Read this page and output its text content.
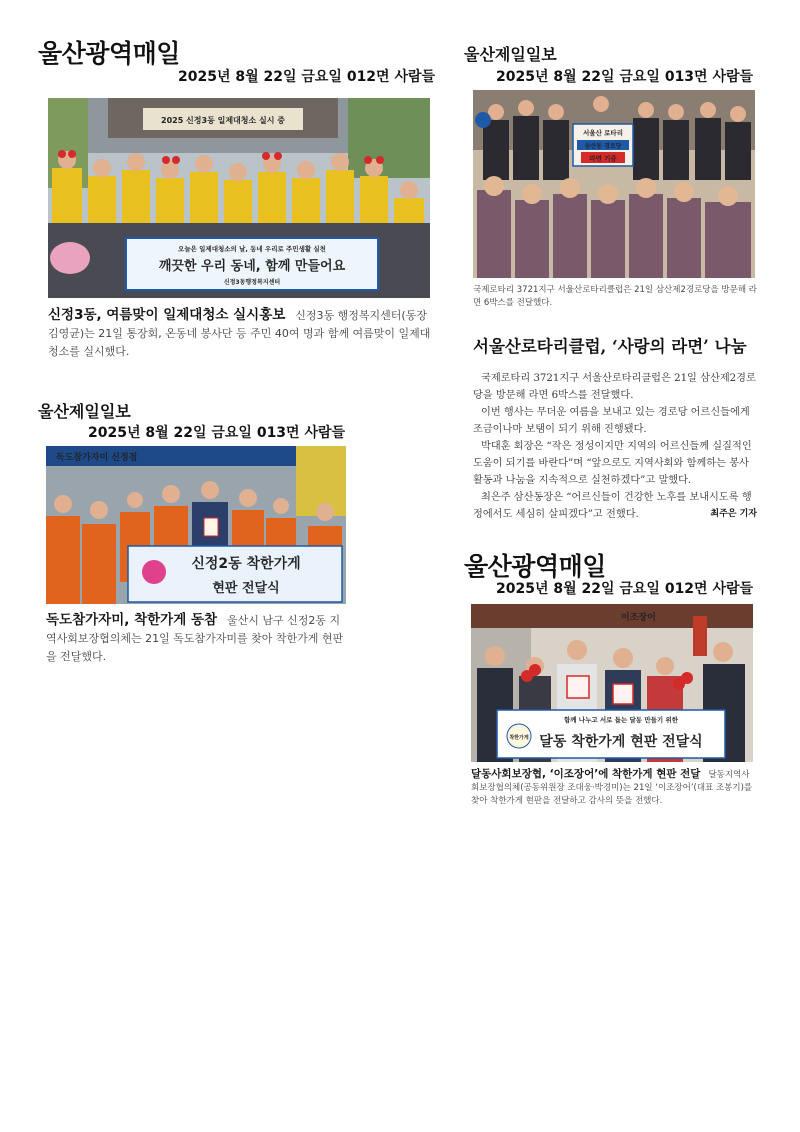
울산광역매일
2025년 8월 22일 금요일 012면 사람들
2025 신정3동 일제대청소 실시 중
오늘은 일제대청소의 날, 동네 우리로 주민생활 실천
깨끗한 우리 동네, 함께 만들어요
신정3동행정복지센터
신정3동, 여름맞이 일제대청소 실시홍보 신정3동 행정복지센터(동장 김영균)는 21일 통장회, 온동네 봉사단 등 주민 40여 명과 함께 여름맞이 일제대청소를 실시했다.
울산제일일보
2025년 8월 22일 금요일 013면 사람들
독도참가자미 신정점
신정2동 착한가게
현판 전달식
독도참가자미, 착한가게 동참 울산시 남구 신정2동 지역사회보장협의체는 21일 독도참가자미를 찾아 착한가게 현판을 전달했다.
울산제일일보
2025년 8월 22일 금요일 013면 사람들
서울산 로타리
삼산동 경로당
라면 기증
국제로타리 3721지구 서울산로타리클럽은 21일 삼산제2경로당을 방문해 라면 6박스를 전달했다.
서울산로타리클럽, ‘사랑의 라면’ 나눔

국제로타리 3721지구 서울산로타리클럽은 21일 삼산제2경로당을 방문해 라면 6박스를 전달했다.

이번 행사는 무더운 여름을 보내고 있는 경로당 어르신들에게 조금이나마 보탬이 되기 위해 진행됐다.

박대훈 회장은 “작은 정성이지만 지역의 어르신들께 실질적인 도움이 되기를 바란다”며 “앞으로도 지역사회와 함께하는 봉사활동과 나눔을 지속적으로 실천하겠다”고 말했다.

최은주 삼산동장은 “어르신들이 건강한 노후를 보내시도록 행정에서도 세심히 살피겠다”고 전했다.	최주은 기자

울산광역매일
2025년 8월 22일 금요일 012면 사람들
이조장어
함께 나누고 서로 돕는 달동 만들기 위한
달동 착한가게 현판 전달식
착한가게
달동사회보장협, ‘이조장어’에 착한가게 현판 전달 달동지역사회보장협의체(공동위원장 조대웅·박경미)는 21일 ‘이조장어’(대표 조봉기)를 찾아 착한가게 현판을 전달하고 감사의 뜻을 전했다.
